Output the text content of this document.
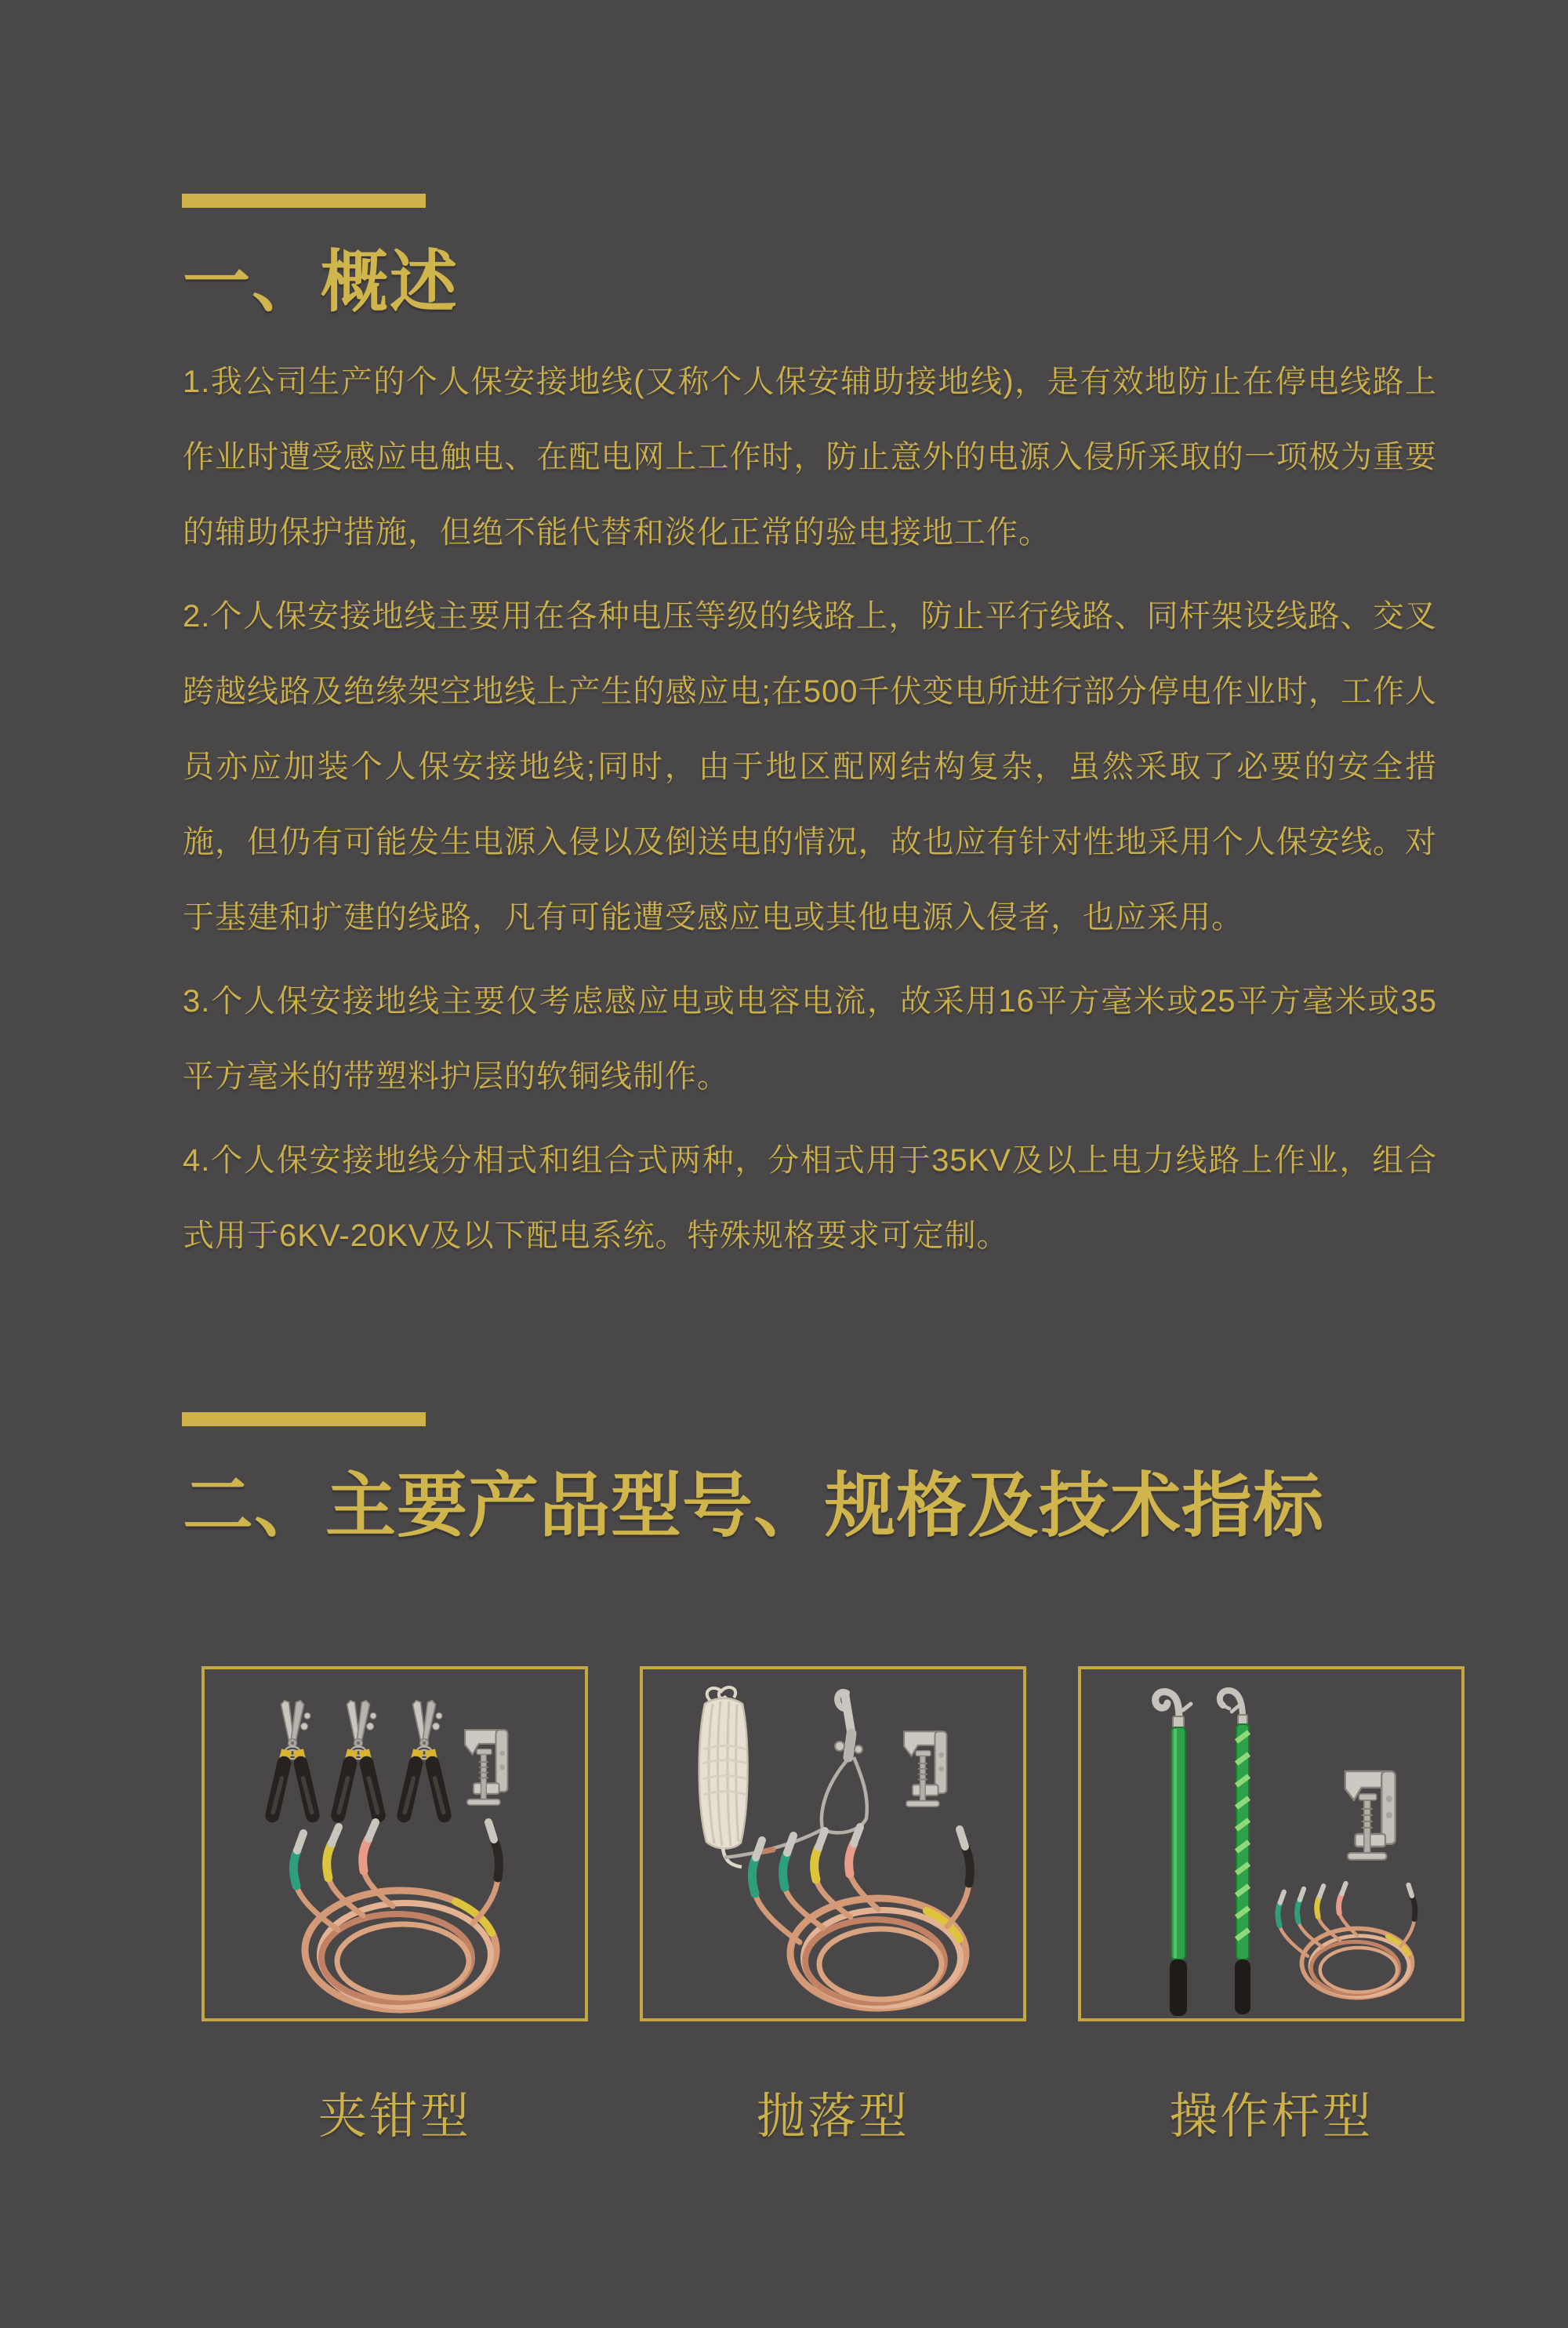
一、概述

1.我公司生产的个人保安接地线(又称个人保安辅助接地线)，是有效地防止在停电线路上作业时遭受感应电触电、在配电网上工作时，防止意外的电源入侵所采取的一项极为重要的辅助保护措施，但绝不能代替和淡化正常的验电接地工作。

2.个人保安接地线主要用在各种电压等级的线路上，防止平行线路、同杆架设线路、交叉跨越线路及绝缘架空地线上产生的感应电;在500千伏变电所进行部分停电作业时，工作人员亦应加装个人保安接地线;同时，由于地区配网结构复杂，虽然采取了必要的安全措施，但仍有可能发生电源入侵以及倒送电的情况，故也应有针对性地采用个人保安线。对于基建和扩建的线路，凡有可能遭受感应电或其他电源入侵者，也应采用。

3.个人保安接地线主要仅考虑感应电或电容电流，故采用16平方毫米或25平方毫米或35平方毫米的带塑料护层的软铜线制作。

4.个人保安接地线分相式和组合式两种，分相式用于35KV及以上电力线路上作业，组合式用于6KV-20KV及以下配电系统。特殊规格要求可定制。

二、主要产品型号、规格及技术指标
夹钳型	抛落型	操作杆型
